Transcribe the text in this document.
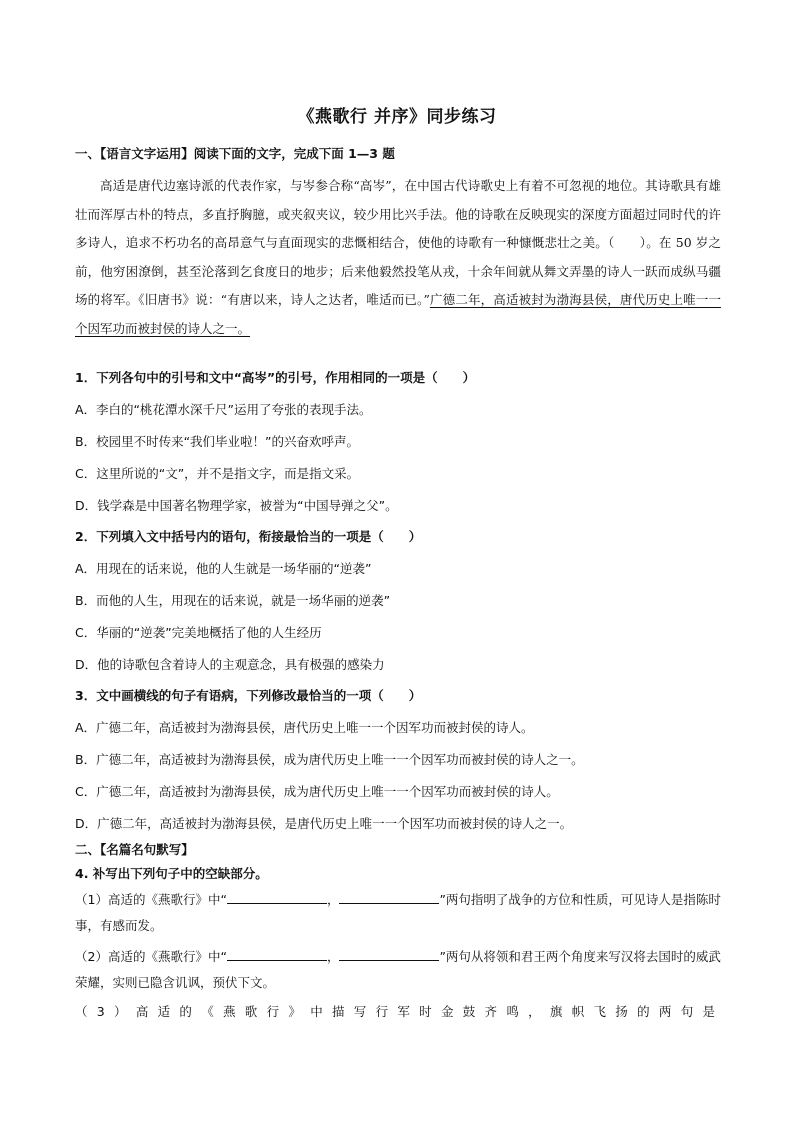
《燕歌行 并序》同步练习
一、【语言文字运用】阅读下面的文字，完成下面 1—3 题

高适是唐代边塞诗派的代表作家，与岑参合称“高岑”，在中国古代诗歌史上有着不可忽视的地位。其诗歌具有雄壮而浑厚古朴的特点，多直抒胸臆，或夹叙夹议，较少用比兴手法。他的诗歌在反映现实的深度方面超过同时代的许多诗人，追求不朽功名的高昂意气与直面现实的悲慨相结合，使他的诗歌有一种慷慨悲壮之美。（　　）。在 50 岁之前，他穷困潦倒，甚至沦落到乞食度日的地步；后来他毅然投笔从戎，十余年间就从舞文弄墨的诗人一跃而成纵马疆场的将军。《旧唐书》说：“有唐以来，诗人之达者，唯适而已。”广德二年，高适被封为渤海县侯，唐代历史上唯一一个因军功而被封侯的诗人之一。

1．下列各句中的引号和文中“高岑”的引号，作用相同的一项是（　　）
A．李白的“桃花潭水深千尺”运用了夸张的表现手法。
B．校园里不时传来“我们毕业啦！”的兴奋欢呼声。
C．这里所说的“文”，并不是指文字，而是指文采。
D．钱学森是中国著名物理学家，被誉为“中国导弹之父”。
2．下列填入文中括号内的语句，衔接最恰当的一项是（　　）
A．用现在的话来说，他的人生就是一场华丽的“逆袭”
B．而他的人生，用现在的话来说，就是一场华丽的逆袭”
C．华丽的“逆袭”完美地概括了他的人生经历
D．他的诗歌包含着诗人的主观意念，具有极强的感染力
3．文中画横线的句子有语病，下列修改最恰当的一项（　　）
A．广德二年，高适被封为渤海县侯，唐代历史上唯一一个因军功而被封侯的诗人。
B．广德二年，高适被封为渤海县侯，成为唐代历史上唯一一个因军功而被封侯的诗人之一。
C．广德二年，高适被封为渤海县侯，成为唐代历史上唯一一个因军功而被封侯的诗人。
D．广德二年，高适被封为渤海县侯，是唐代历史上唯一一个因军功而被封侯的诗人之一。
二、【名篇名句默写】
4. 补写出下列句子中的空缺部分。
（1）高适的《燕歌行》中“	，	”两句指明了战争的方位和性质，可见诗人是指陈时事，有感而发。
（2）高适的《燕歌行》中“	，	”两句从将领和君王两个角度来写汉将去国时的威武荣耀，实则已隐含讥讽，预伏下文。
（3）高适的《燕歌行》中描写行军时金鼓齐鸣，旗帜飞扬的两句是
